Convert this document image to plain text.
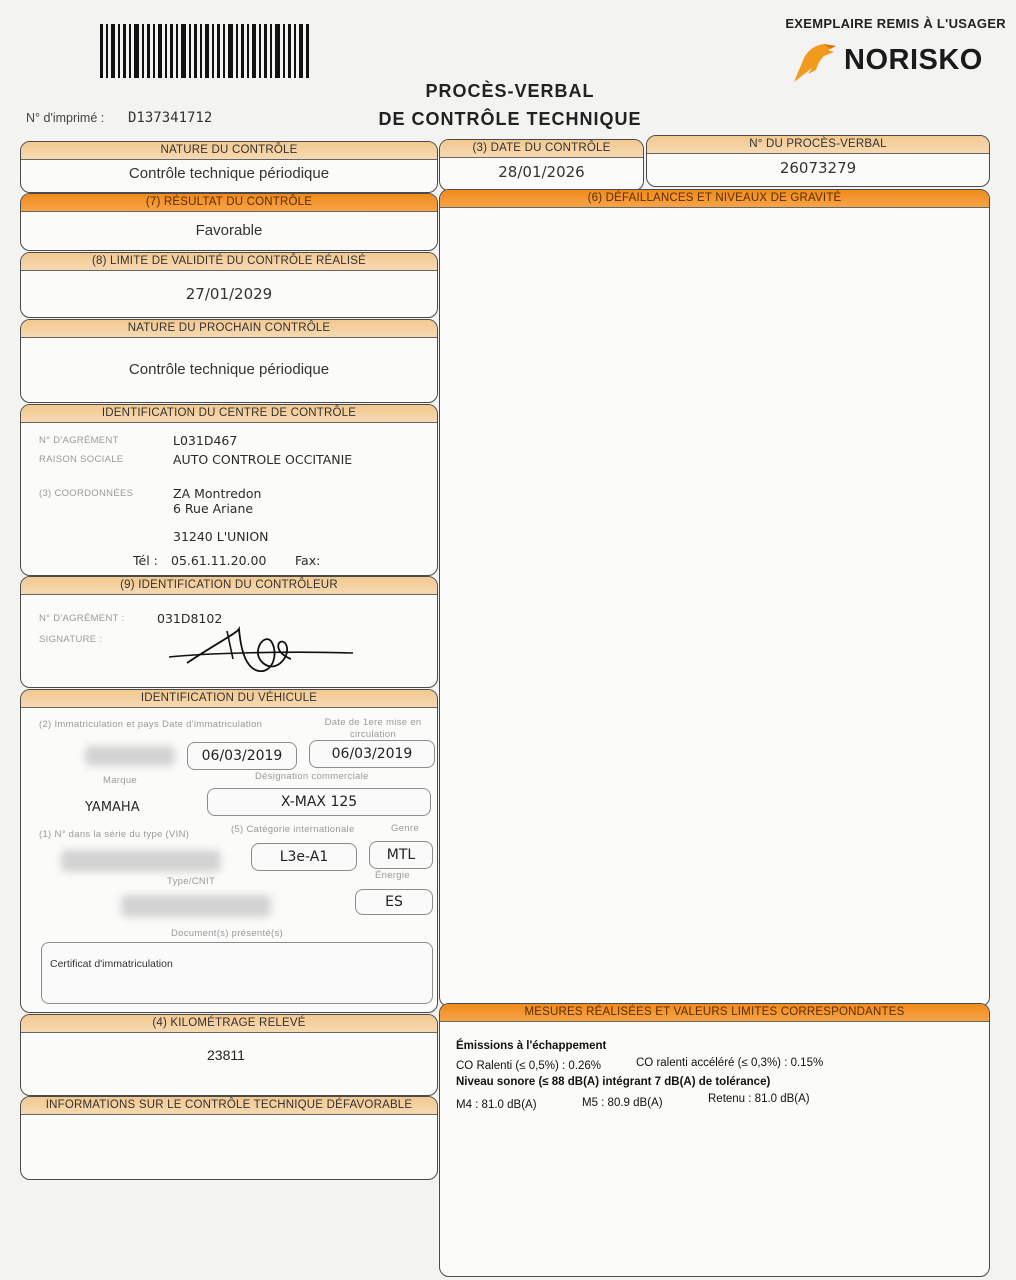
EXEMPLAIRE REMIS À L'USAGER
NORISKO
PROCÈS-VERBAL
DE CONTRÔLE TECHNIQUE
N° d'imprimé : D137341712
NATURE DU CONTRÔLE
Contrôle technique périodique
(3) DATE DU CONTRÔLE
28/01/2026
N° DU PROCÈS-VERBAL
26073279
(7) RÉSULTAT DU CONTRÔLE
Favorable
(8) LIMITE DE VALIDITÉ DU CONTRÔLE RÉALISÉ
27/01/2029
NATURE DU PROCHAIN CONTRÔLE
Contrôle technique périodique
IDENTIFICATION DU CENTRE DE CONTRÔLE
N° D'AGRÉMENT	L031D467
RAISON SOCIALE	AUTO CONTROLE OCCITANIE
(3) COORDONNÉES	ZA Montredon
6 Rue Ariane
31240 L'UNION
Tél : 05.61.11.20.00 Fax:
(9) IDENTIFICATION DU CONTRÔLEUR
N° D'AGRÉMENT :	031D8102
SIGNATURE :
IDENTIFICATION DU VÉHICULE
(2) Immatriculation et pays Date d'immatriculation	Date de 1ere mise en circulation
06/03/2019	06/03/2019
Marque	Désignation commerciale
YAMAHA	X-MAX 125
(1) N° dans la série du type (VIN)	(5) Catégorie internationale	Genre
L3e-A1	MTL
Type/CNIT
Énergie
ES
Document(s) présenté(s)
Certificat d'immatriculation
(4) KILOMÉTRAGE RELEVÉ
23811
INFORMATIONS SUR LE CONTRÔLE TECHNIQUE DÉFAVORABLE
(6) DÉFAILLANCES ET NIVEAUX DE GRAVITÉ
MESURES RÉALISÉES ET VALEURS LIMITES CORRESPONDANTES
Émissions à l'échappement
CO Ralenti (≤ 0,5%) : 0.26%	CO ralenti accéléré (≤ 0,3%) : 0.15%
Niveau sonore (≤ 88 dB(A) intégrant 7 dB(A) de tolérance)
M4 : 81.0 dB(A)	M5 : 80.9 dB(A)	Retenu : 81.0 dB(A)
